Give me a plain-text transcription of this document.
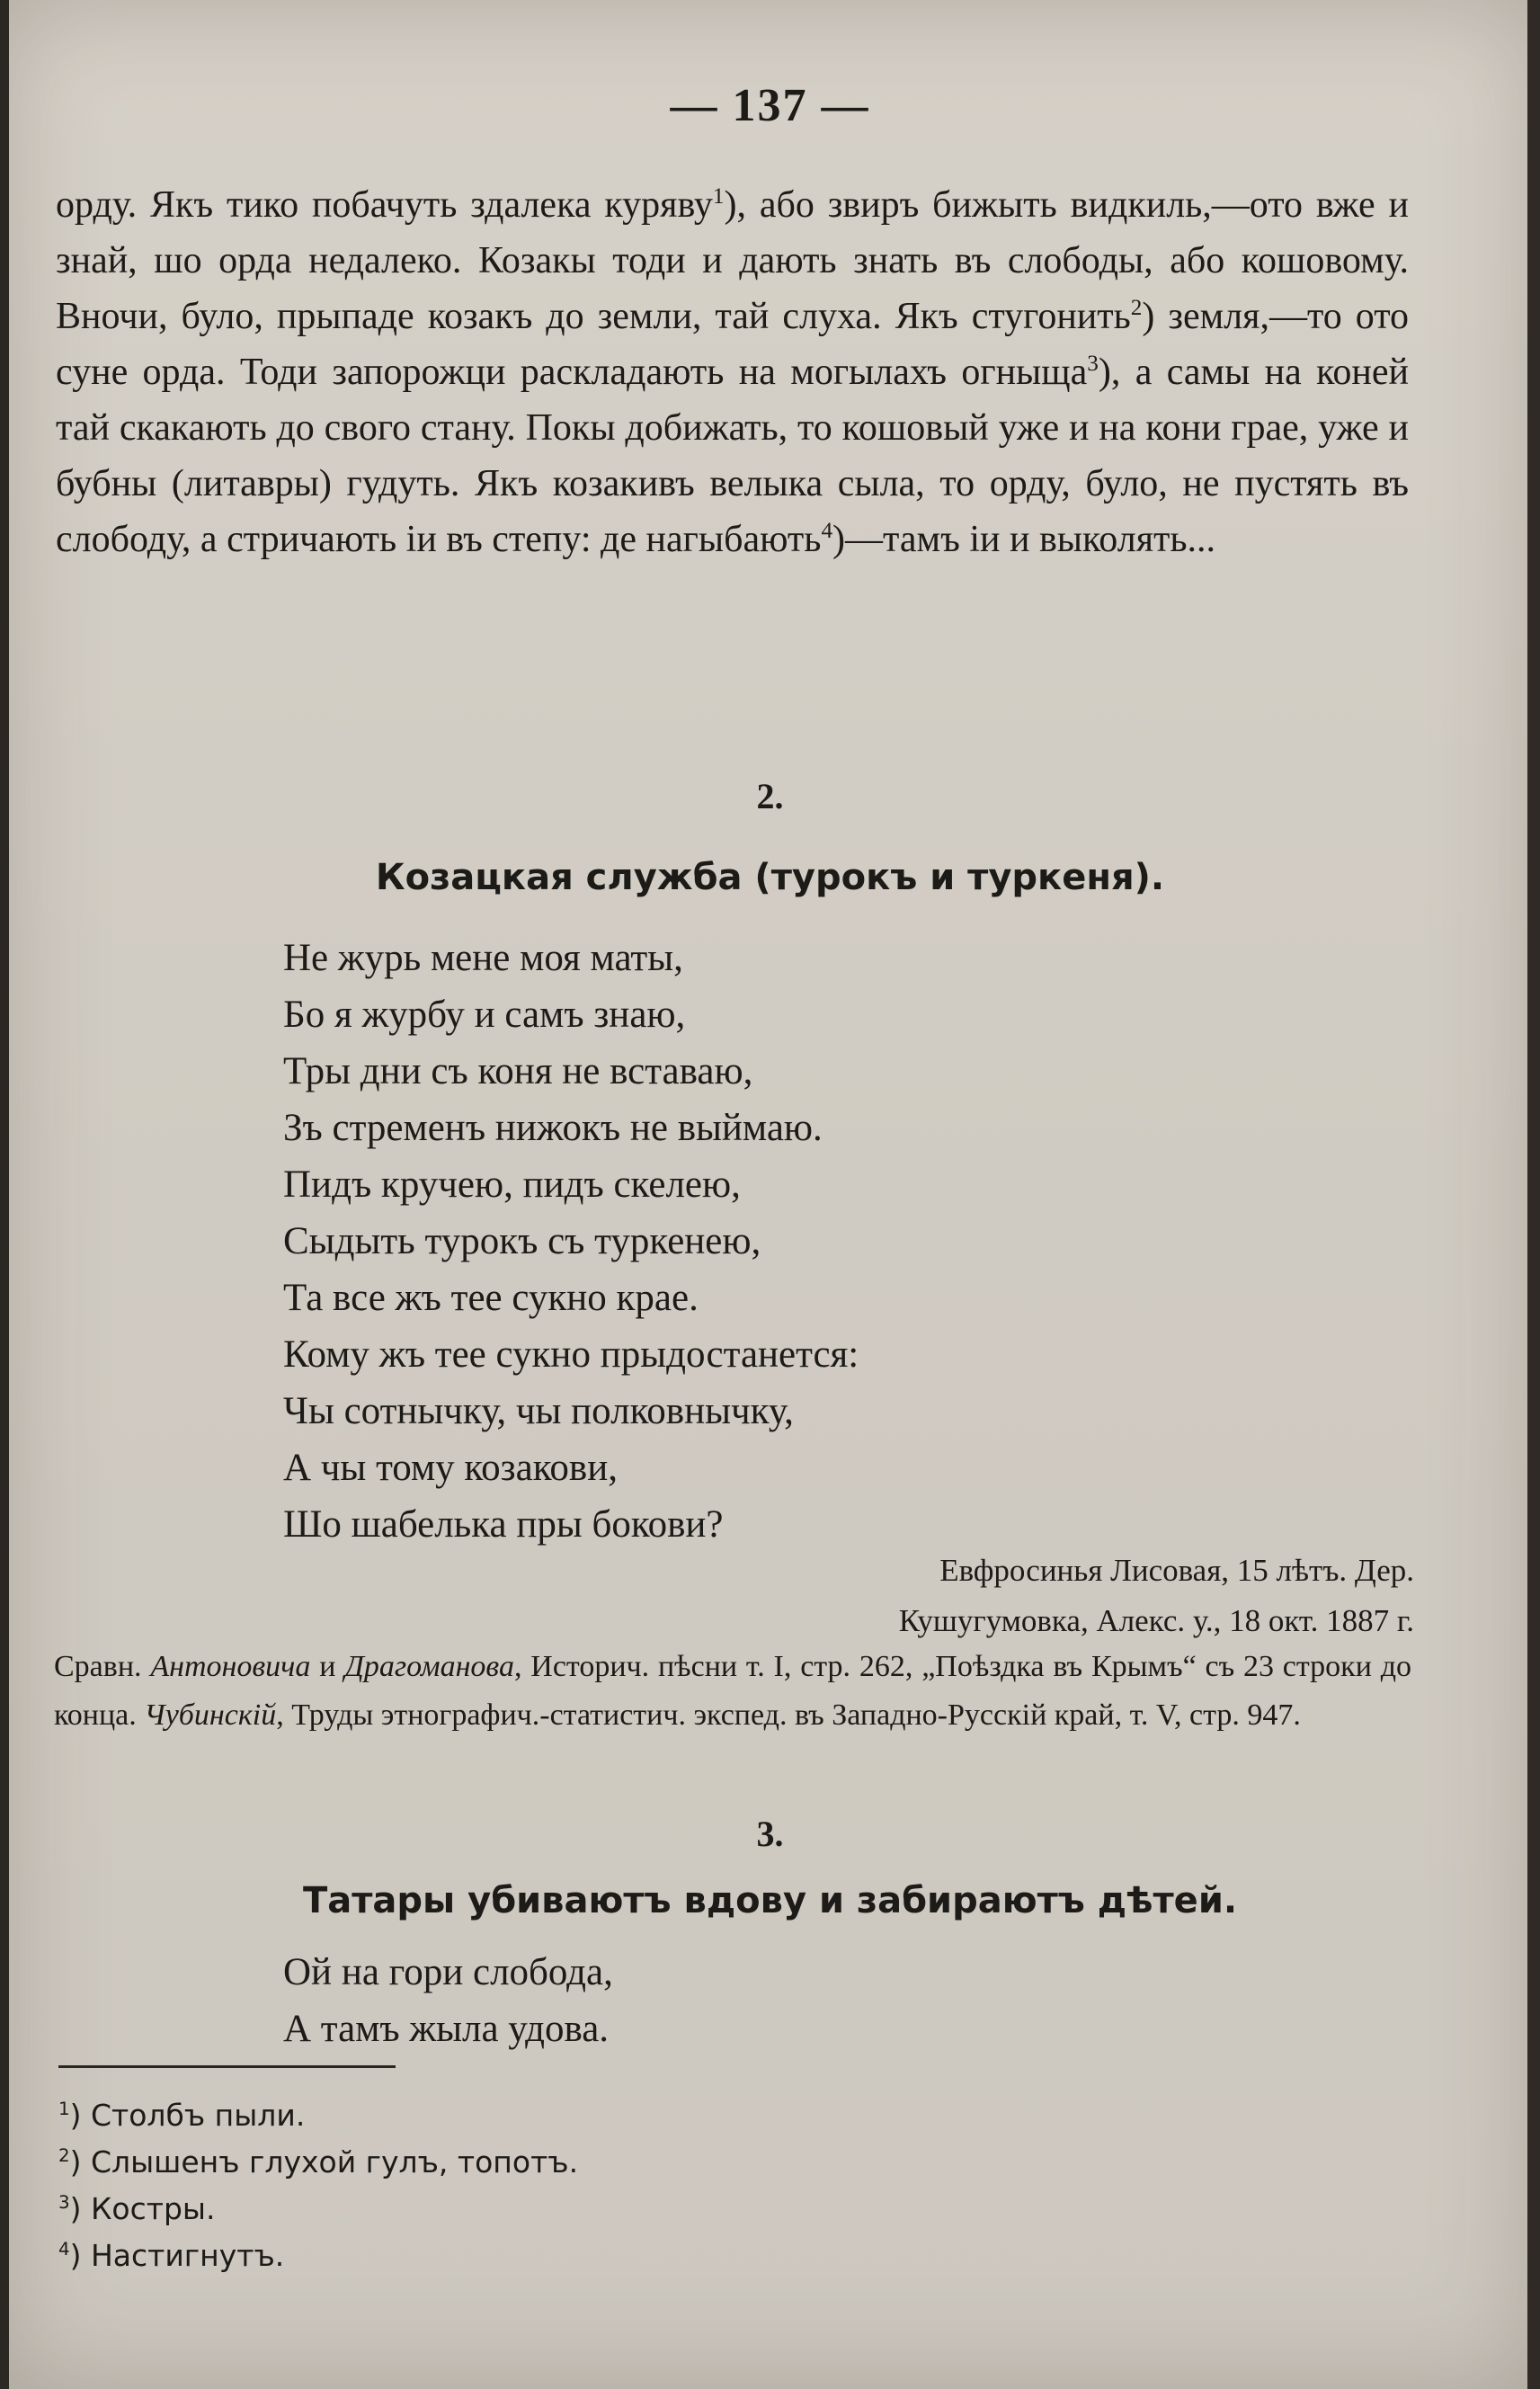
— 137 —

орду. Якъ тико побачуть здалека куряву$^1$), або звиръ бижыть видкиль,—ото вже и знай, шо орда недалеко. Козакы тоди и дають знать въ слободы, або кошовому. Вночи, було, прыпаде козакъ до земли, тай слуха. Якъ стугонить$^2$) земля,—то ото суне орда. Тоди запорожци раскладають на могылахъ огныща$^3$), а самы на коней тай скакають до свого стану. Покы добижать, то кошовый уже и на кони грае, уже и бубны (литавры) гудуть. Якъ козакивъ велыка сыла, то орду, було, не пустять въ слободу, а стричають іи въ степу: де нагыбають$^4$)—тамъ іи и выколять...

2.
Козацкая служба (турокъ и туркеня).
Не журь мене моя маты,
Бо я журбу и самъ знаю,
Тры дни съ коня не вставаю,
Зъ стременъ нижокъ не выймаю.
Пидъ кручею, пидъ скелею,
Сыдыть турокъ съ туркенею,
Та все жъ тее сукно крае.
Кому жъ тее сукно прыдостанется:
Чы сотнычку, чы полковнычку,
А чы тому козакови,
Шо шабелька пры бокови?
Евфросинья Лисовая, 15 лѣтъ. Дер.
Кушугумовка, Алекс. у., 18 окт. 1887 г.
Сравн. Антоновича и Драгоманова, Историч. пѣсни т. I, стр. 262, „Поѣздка въ Крымъ“ съ 23 строки до конца. Чубинскій, Труды этнографич.-статистич. экспед. въ Западно-Русскій край, т. V, стр. 947.
3.
Татары убиваютъ вдову и забираютъ дѣтей.
Ой на гори слобода,
А тамъ жыла удова.
$^1$) Столбъ пыли.
$^2$) Слышенъ глухой гулъ, топотъ.
$^3$) Костры.
$^4$) Настигнутъ.
